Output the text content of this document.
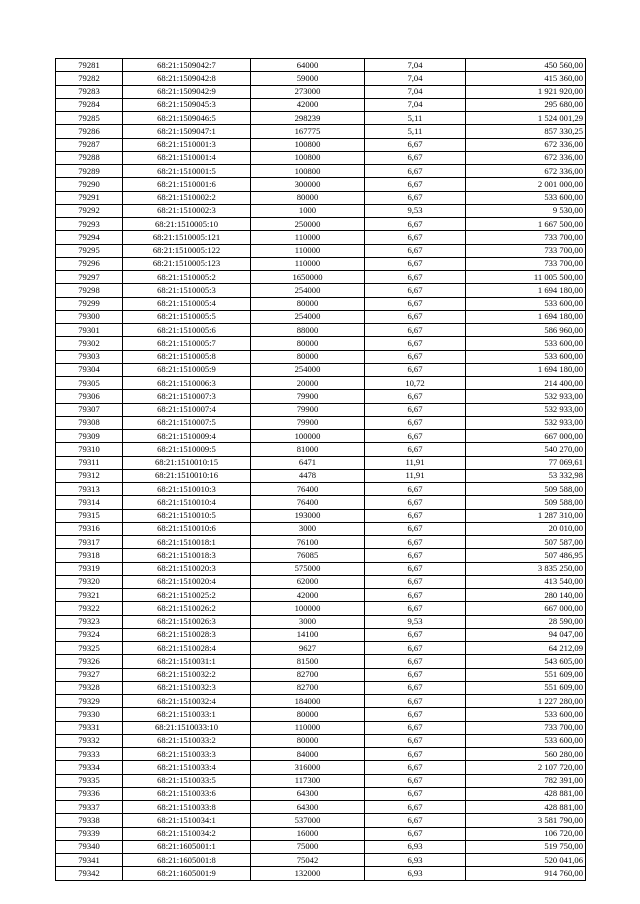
79281	68:21:1509042:7	64000	7,04	450 560,00
79282	68:21:1509042:8	59000	7,04	415 360,00
79283	68:21:1509042:9	273000	7,04	1 921 920,00
79284	68:21:1509045:3	42000	7,04	295 680,00
79285	68:21:1509046:5	298239	5,11	1 524 001,29
79286	68:21:1509047:1	167775	5,11	857 330,25
79287	68:21:1510001:3	100800	6,67	672 336,00
79288	68:21:1510001:4	100800	6,67	672 336,00
79289	68:21:1510001:5	100800	6,67	672 336,00
79290	68:21:1510001:6	300000	6,67	2 001 000,00
79291	68:21:1510002:2	80000	6,67	533 600,00
79292	68:21:1510002:3	1000	9,53	9 530,00
79293	68:21:1510005:10	250000	6,67	1 667 500,00
79294	68:21:1510005:121	110000	6,67	733 700,00
79295	68:21:1510005:122	110000	6,67	733 700,00
79296	68:21:1510005:123	110000	6,67	733 700,00
79297	68:21:1510005:2	1650000	6,67	11 005 500,00
79298	68:21:1510005:3	254000	6,67	1 694 180,00
79299	68:21:1510005:4	80000	6,67	533 600,00
79300	68:21:1510005:5	254000	6,67	1 694 180,00
79301	68:21:1510005:6	88000	6,67	586 960,00
79302	68:21:1510005:7	80000	6,67	533 600,00
79303	68:21:1510005:8	80000	6,67	533 600,00
79304	68:21:1510005:9	254000	6,67	1 694 180,00
79305	68:21:1510006:3	20000	10,72	214 400,00
79306	68:21:1510007:3	79900	6,67	532 933,00
79307	68:21:1510007:4	79900	6,67	532 933,00
79308	68:21:1510007:5	79900	6,67	532 933,00
79309	68:21:1510009:4	100000	6,67	667 000,00
79310	68:21:1510009:5	81000	6,67	540 270,00
79311	68:21:1510010:15	6471	11,91	77 069,61
79312	68:21:1510010:16	4478	11,91	53 332,98
79313	68:21:1510010:3	76400	6,67	509 588,00
79314	68:21:1510010:4	76400	6,67	509 588,00
79315	68:21:1510010:5	193000	6,67	1 287 310,00
79316	68:21:1510010:6	3000	6,67	20 010,00
79317	68:21:1510018:1	76100	6,67	507 587,00
79318	68:21:1510018:3	76085	6,67	507 486,95
79319	68:21:1510020:3	575000	6,67	3 835 250,00
79320	68:21:1510020:4	62000	6,67	413 540,00
79321	68:21:1510025:2	42000	6,67	280 140,00
79322	68:21:1510026:2	100000	6,67	667 000,00
79323	68:21:1510026:3	3000	9,53	28 590,00
79324	68:21:1510028:3	14100	6,67	94 047,00
79325	68:21:1510028:4	9627	6,67	64 212,09
79326	68:21:1510031:1	81500	6,67	543 605,00
79327	68:21:1510032:2	82700	6,67	551 609,00
79328	68:21:1510032:3	82700	6,67	551 609,00
79329	68:21:1510032:4	184000	6,67	1 227 280,00
79330	68:21:1510033:1	80000	6,67	533 600,00
79331	68:21:1510033:10	110000	6,67	733 700,00
79332	68:21:1510033:2	80000	6,67	533 600,00
79333	68:21:1510033:3	84000	6,67	560 280,00
79334	68:21:1510033:4	316000	6,67	2 107 720,00
79335	68:21:1510033:5	117300	6,67	782 391,00
79336	68:21:1510033:6	64300	6,67	428 881,00
79337	68:21:1510033:8	64300	6,67	428 881,00
79338	68:21:1510034:1	537000	6,67	3 581 790,00
79339	68:21:1510034:2	16000	6,67	106 720,00
79340	68:21:1605001:1	75000	6,93	519 750,00
79341	68:21:1605001:8	75042	6,93	520 041,06
79342	68:21:1605001:9	132000	6,93	914 760,00
